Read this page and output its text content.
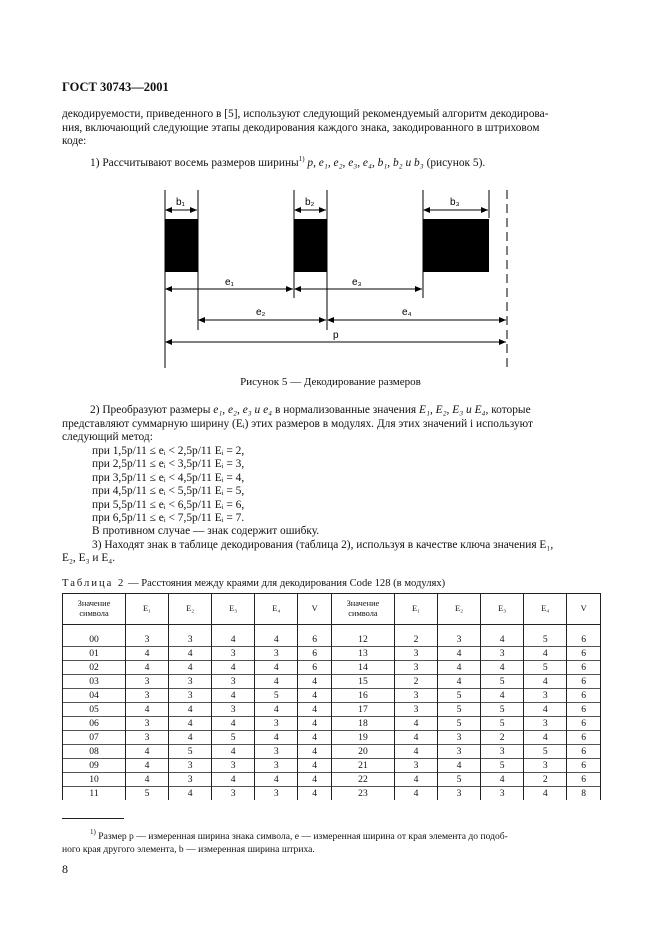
ГОСТ 30743—2001
декодируемости, приведенного в [5], используют следующий рекомендуемый алгоритм декодирова-
ния, включающий следующие этапы декодирования каждого знака, закодированного в штриховом
коде:
1) Рассчитывают восемь размеров ширины$^{1)}$ p, e₁, e₂, e₃, e₄, b₁, b₂ и b₃ (рисунок 5).
b₁	b₂	b₃
e₁	e₃
e₂	e₄
p
Рисунок 5 — Декодирование размеров
2) Преобразуют размеры e₁, e₂, e₃ и e₄ в нормализованные значения E₁, E₂, E₃ и E₄, которые
представляют суммарную ширину (Eᵢ) этих размеров в модулях. Для этих значений i используют
следующий метод:
при 1,5p/11 ≤ eᵢ < 2,5p/11 Eᵢ = 2,
при 2,5p/11 ≤ eᵢ < 3,5p/11 Eᵢ = 3,
при 3,5p/11 ≤ eᵢ < 4,5p/11 Eᵢ = 4,
при 4,5p/11 ≤ eᵢ < 5,5p/11 Eᵢ = 5,
при 5,5p/11 ≤ eᵢ < 6,5p/11 Eᵢ = 6,
при 6,5p/11 ≤ eᵢ < 7,5p/11 Eᵢ = 7.
В противном случае — знак содержит ошибку.
3) Находят знак в таблице декодирования (таблица 2), используя в качестве ключа значения E₁,
E₂, E₃ и E₄.
Таблица 2 — Расстояния между краями для декодирования Code 128 (в модулях)
Значение символа	E₁	E₂	E₃	E₄	V	Значение символа	E₁	E₂	E₃	E₄	V

00	3	3	4	4	6	12	2	3	4	5	6
01	4	4	3	3	6	13	3	4	3	4	6
02	4	4	4	4	6	14	3	4	4	5	6
03	3	3	3	4	4	15	2	4	5	4	6
04	3	3	4	5	4	16	3	5	4	3	6
05	4	4	3	4	4	17	3	5	5	4	6
06	3	4	4	3	4	18	4	5	5	3	6
07	3	4	5	4	4	19	4	3	2	4	6
08	4	5	4	3	4	20	4	3	3	5	6
09	4	3	3	3	4	21	3	4	5	3	6
10	4	3	4	4	4	22	4	5	4	2	6
11	5	4	3	3	4	23	4	3	3	4	8
$^{1)}$ Размер p — измеренная ширина знака символа, e — измеренная ширина от края элемента до подоб-
ного края другого элемента, b — измеренная ширина штриха.
8
